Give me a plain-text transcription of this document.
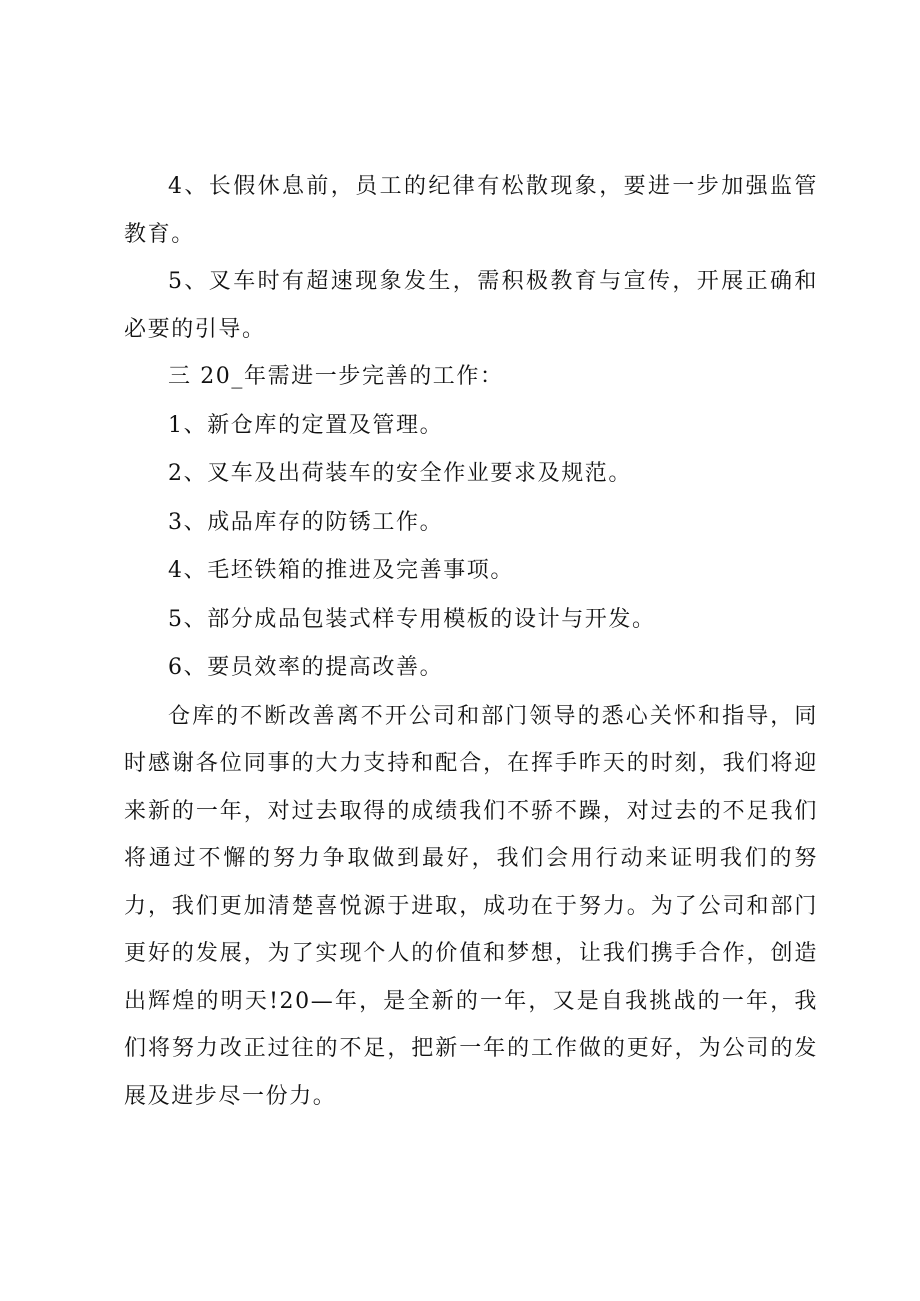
4、长假休息前，员工的纪律有松散现象，要进一步加强监管教育。

5、叉车时有超速现象发生，需积极教育与宣传，开展正确和必要的引导。

三 20_年需进一步完善的工作：

1、新仓库的定置及管理。

2、叉车及出荷装车的安全作业要求及规范。

3、成品库存的防锈工作。

4、毛坯铁箱的推进及完善事项。

5、部分成品包装式样专用模板的设计与开发。

6、要员效率的提高改善。

仓库的不断改善离不开公司和部门领导的悉心关怀和指导，同时感谢各位同事的大力支持和配合，在挥手昨天的时刻，我们将迎来新的一年，对过去取得的成绩我们不骄不躁，对过去的不足我们将通过不懈的努力争取做到最好，我们会用行动来证明我们的努力，我们更加清楚喜悦源于进取，成功在于努力。为了公司和部门更好的发展，为了实现个人的价值和梦想，让我们携手合作，创造出辉煌的明天!20—年，是全新的一年，又是自我挑战的一年，我们将努力改正过往的不足，把新一年的工作做的更好，为公司的发展及进步尽一份力。
